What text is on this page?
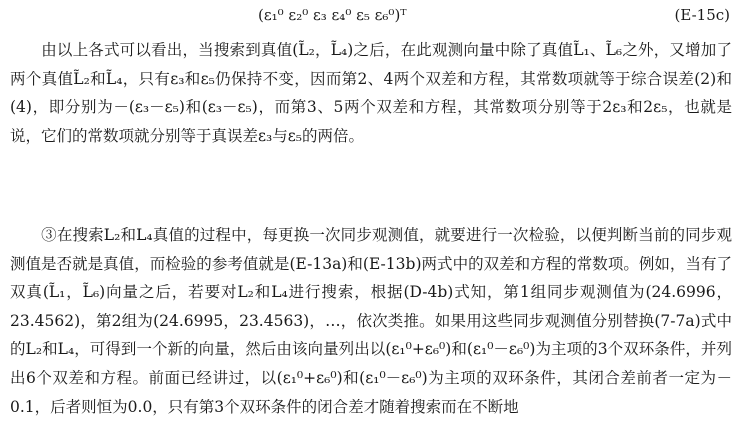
(ε₁⁰ ε₂⁰ ε₃ ε₄⁰ ε₅ ε₆⁰)ᵀ	(E-15c)
由以上各式可以看出，当搜索到真值(L̃₂，L̃₄)之后，在此观测向量中除了真值L̃₁、L̃₆之外，又增加了两个真值L̃₂和L̃₄，只有ε₃和ε₅仍保持不变，因而第2、4两个双差和方程，其常数项就等于综合误差(2)和(4)，即分别为－(ε₃－ε₅)和(ε₃－ε₅)，而第3、5两个双差和方程，其常数项分别等于2ε₃和2ε₅，也就是说，它们的常数项就分别等于真误差ε₃与ε₅的两倍。
③在搜索L₂和L₄真值的过程中，每更换一次同步观测值，就要进行一次检验，以便判断当前的同步观测值是否就是真值，而检验的参考值就是(E-13a)和(E-13b)两式中的双差和方程的常数项。例如，当有了双真(L̃₁，L̃₆)向量之后，若要对L₂和L₄进行搜索，根据(D-4b)式知，第1组同步观测值为(24.6996，23.4562)，第2组为(24.6995，23.4563)，…，依次类推。如果用这些同步观测值分别替换(7-7a)式中的L₂和L₄，可得到一个新的向量，然后由该向量列出以(ε₁⁰+ε₆⁰)和(ε₁⁰－ε₆⁰)为主项的3个双环条件，并列出6个双差和方程。前面已经讲过，以(ε₁⁰+ε₆⁰)和(ε₁⁰－ε₆⁰)为主项的双环条件，其闭合差前者一定为－0.1，后者则恒为0.0，只有第3个双环条件的闭合差才随着搜索而在不断地
